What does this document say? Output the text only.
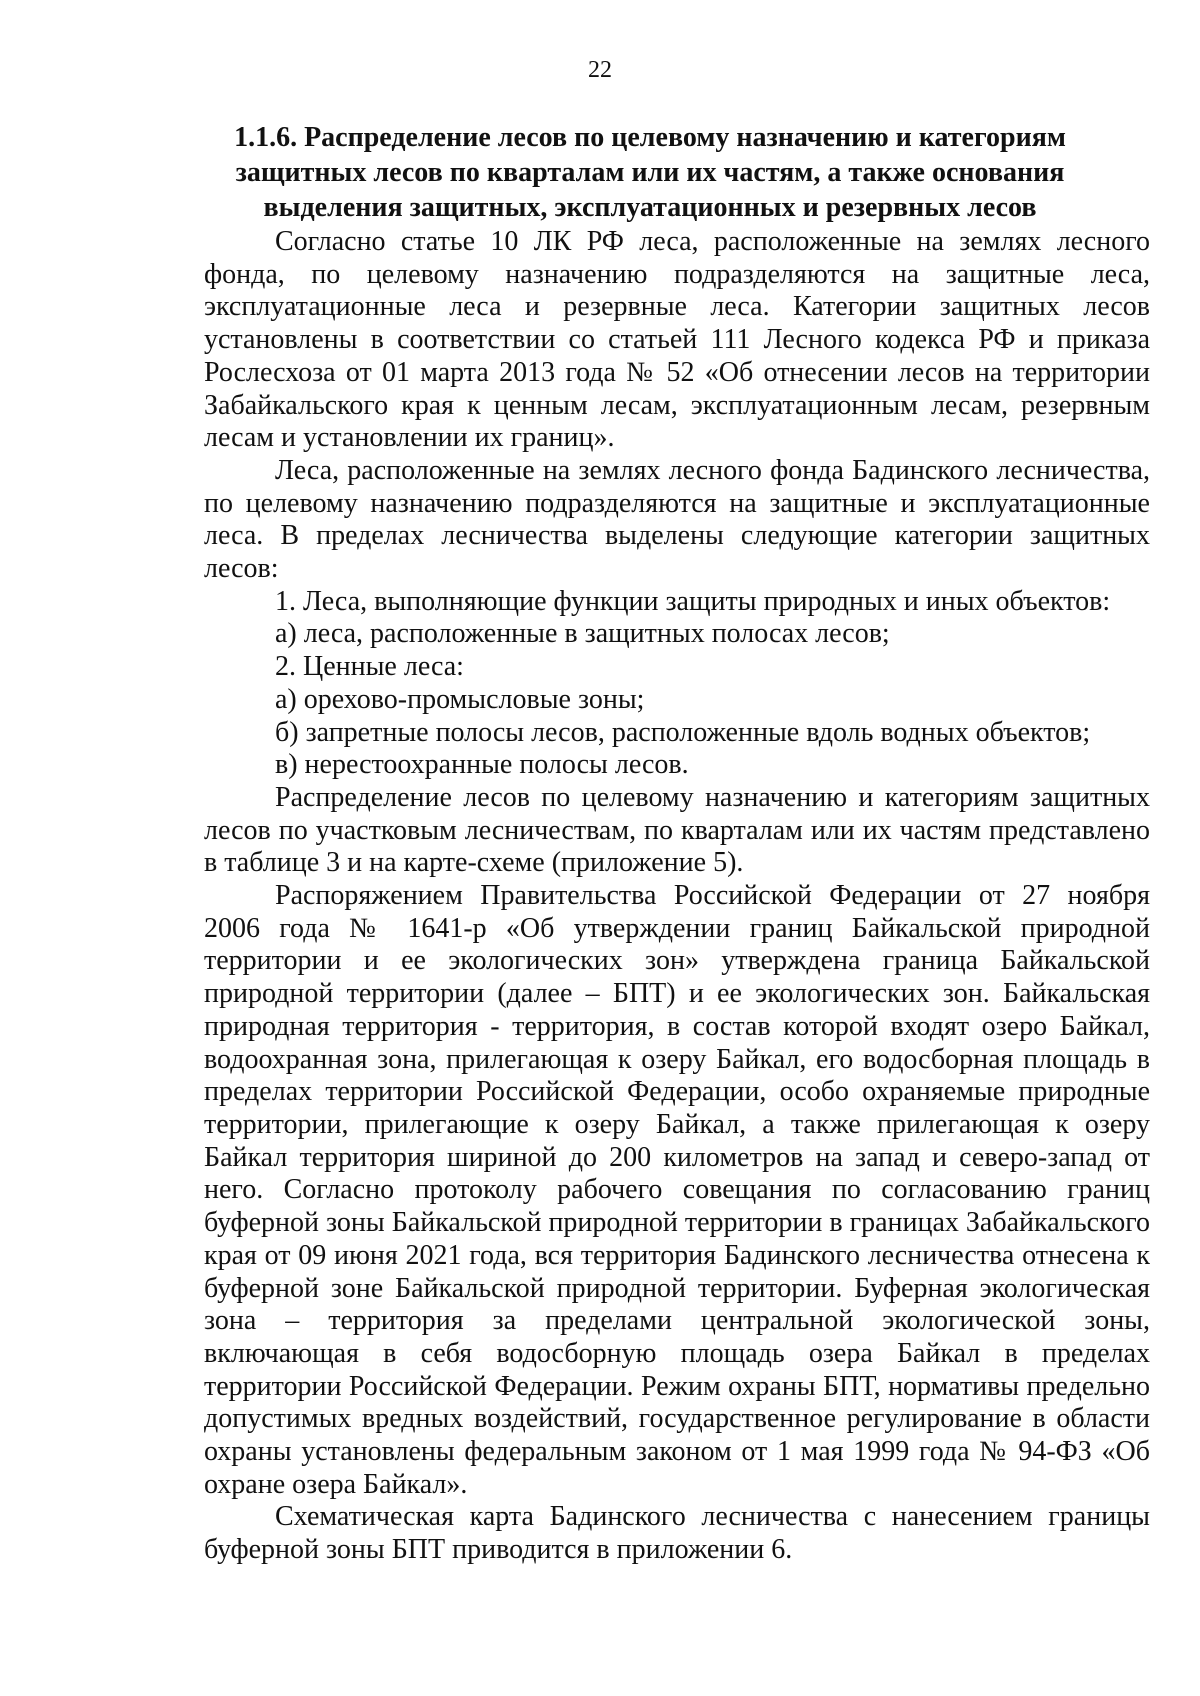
22
1.1.6. Распределение лесов по целевому назначению и категориям защитных лесов по кварталам или их частям, а также основания выделения защитных, эксплуатационных и резервных лесов

Согласно статье 10 ЛК РФ леса, расположенные на землях лесного фонда, по целевому назначению подразделяются на защитные леса, эксплуатационные леса и резервные леса. Категории защитных лесов установлены в соответствии со статьей 111 Лесного кодекса РФ и приказа Рослесхоза от 01 марта 2013 года № 52 «Об отнесении лесов на территории Забайкальского края к ценным лесам, эксплуатационным лесам, резервным лесам и установлении их границ».

Леса, расположенные на землях лесного фонда Бадинского лесничества, по целевому назначению подразделяются на защитные и эксплуатационные леса. В пределах лесничества выделены следующие категории защитных лесов:

1. Леса, выполняющие функции защиты природных и иных объектов:

а) леса, расположенные в защитных полосах лесов;

2. Ценные леса:

а) орехово-промысловые зоны;

б) запретные полосы лесов, расположенные вдоль водных объектов;

в) нерестоохранные полосы лесов.

Распределение лесов по целевому назначению и категориям защитных лесов по участковым лесничествам, по кварталам или их частям представлено в таблице 3 и на карте-схеме (приложение 5).

Распоряжением Правительства Российской Федерации от 27 ноября 2006 года № 1641-р «Об утверждении границ Байкальской природной территории и ее экологических зон» утверждена граница Байкальской природной территории (далее – БПТ) и ее экологических зон. Байкальская природная территория - территория, в состав которой входят озеро Байкал, водоохранная зона, прилегающая к озеру Байкал, его водосборная площадь в пределах территории Российской Федерации, особо охраняемые природные территории, прилегающие к озеру Байкал, а также прилегающая к озеру Байкал территория шириной до 200 километров на запад и северо-запад от него. Согласно протоколу рабочего совещания по согласованию границ буферной зоны Байкальской природной территории в границах Забайкальского края от 09 июня 2021 года, вся территория Бадинского лесничества отнесена к буферной зоне Байкальской природной территории. Буферная экологическая зона – территория за пределами центральной экологической зоны, включающая в себя водосборную площадь озера Байкал в пределах территории Российской Федерации. Режим охраны БПТ, нормативы предельно допустимых вредных воздействий, государственное регулирование в области охраны установлены федеральным законом от 1 мая 1999 года № 94-ФЗ «Об охране озера Байкал».

Схематическая карта Бадинского лесничества с нанесением границы буферной зоны БПТ приводится в приложении 6.
